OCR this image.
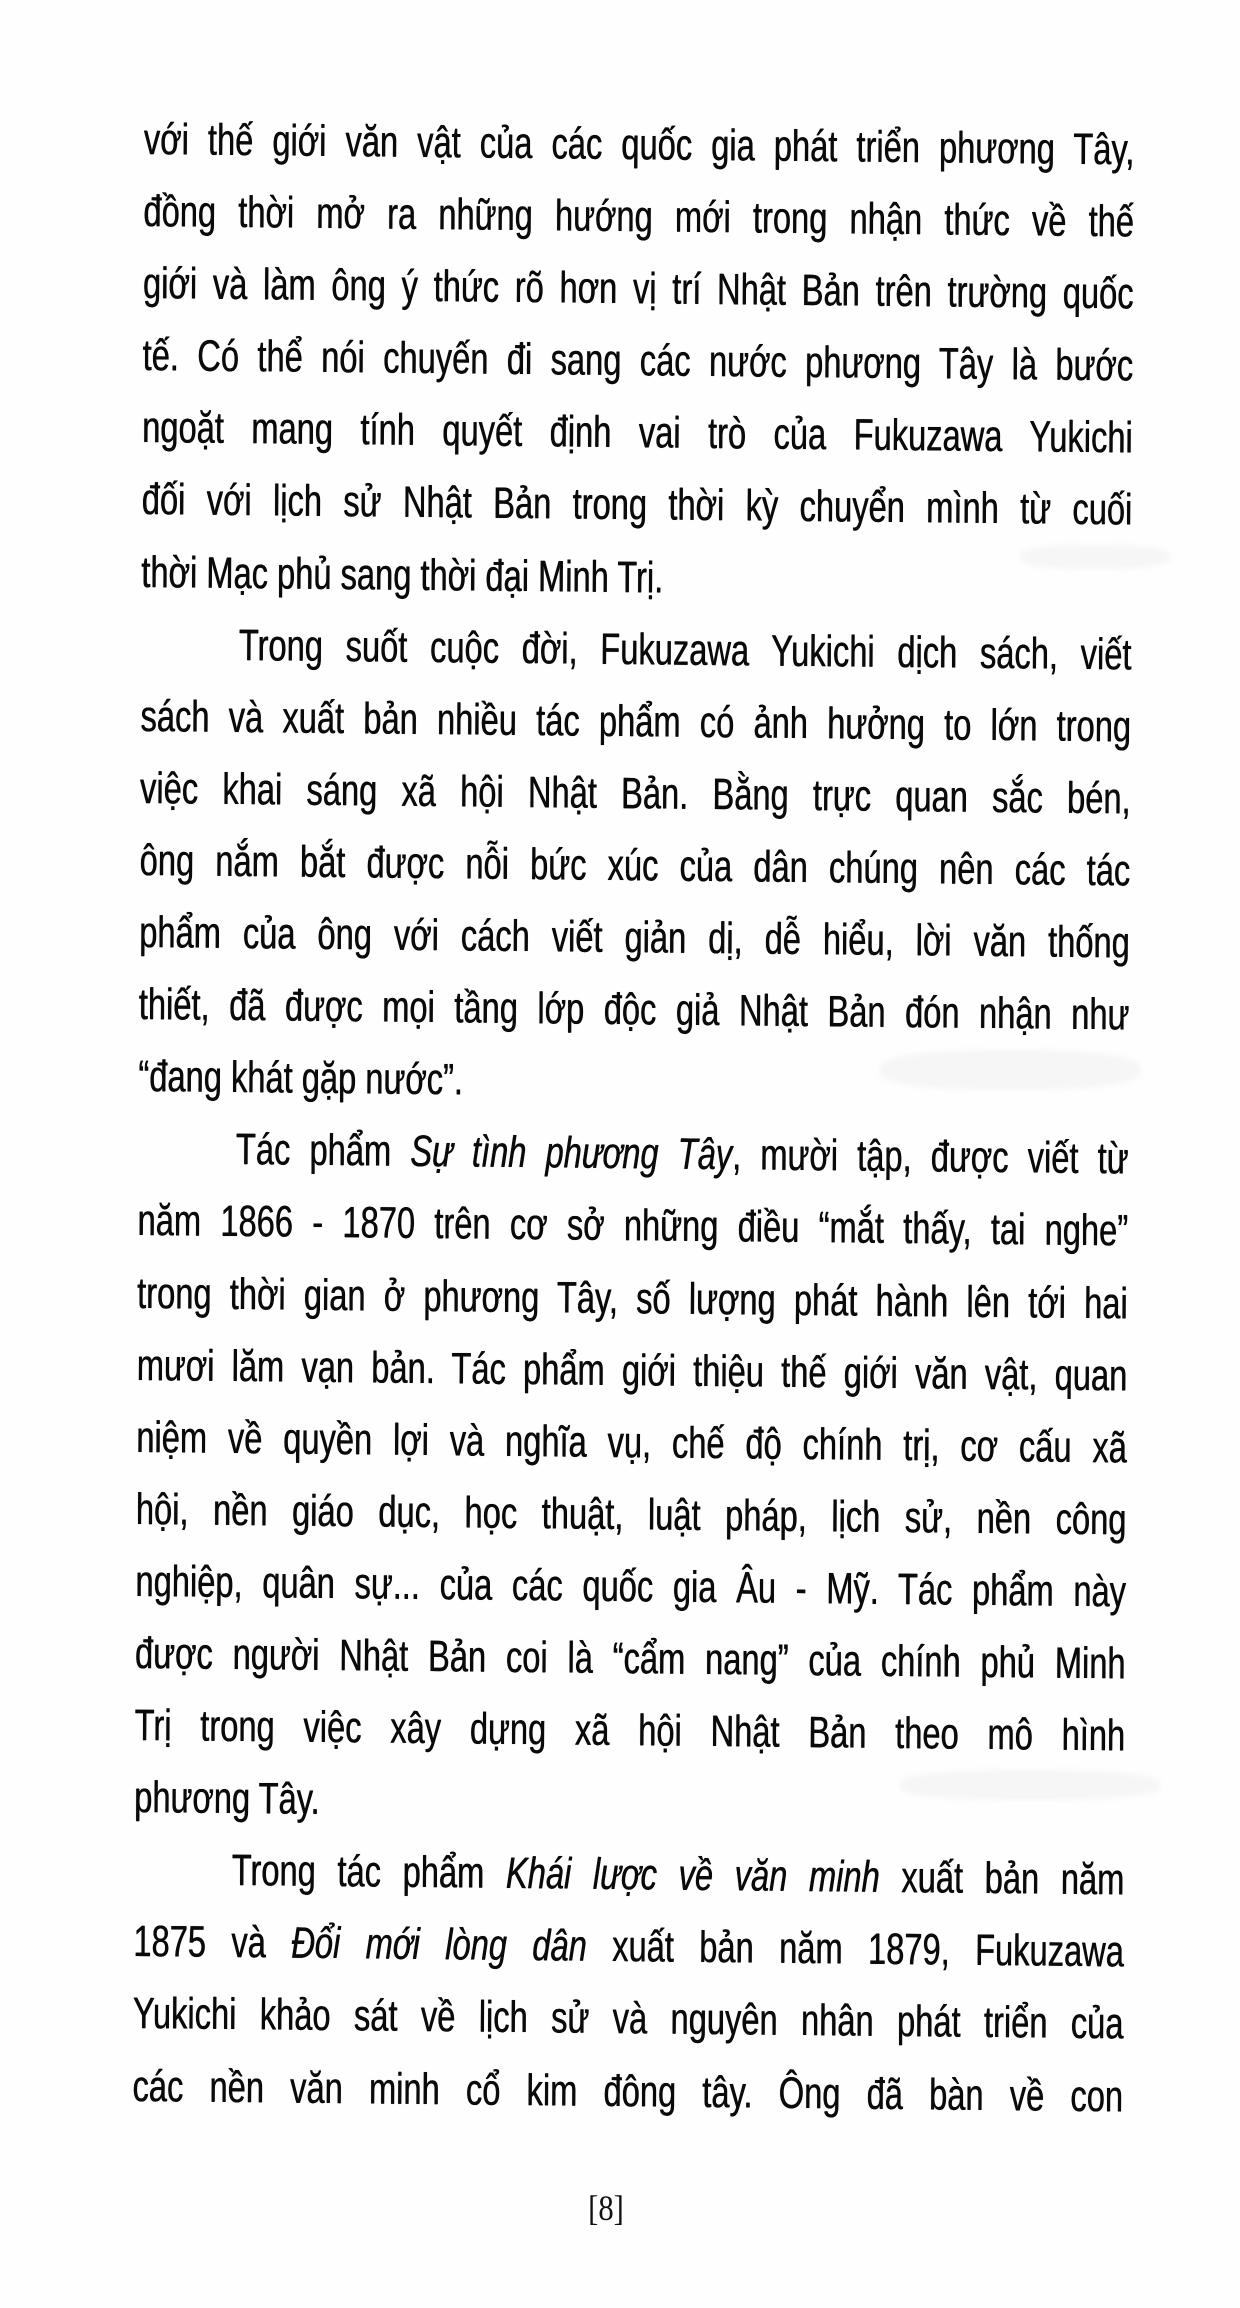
với thế giới văn vật của các quốc gia phát triển phương Tây,
đồng thời mở ra những hướng mới trong nhận thức về thế
giới và làm ông ý thức rõ hơn vị trí Nhật Bản trên trường quốc
tế. Có thể nói chuyến đi sang các nước phương Tây là bước
ngoặt mang tính quyết định vai trò của Fukuzawa Yukichi
đối với lịch sử Nhật Bản trong thời kỳ chuyển mình từ cuối
thời Mạc phủ sang thời đại Minh Trị.
Trong suốt cuộc đời, Fukuzawa Yukichi dịch sách, viết
sách và xuất bản nhiều tác phẩm có ảnh hưởng to lớn trong
việc khai sáng xã hội Nhật Bản. Bằng trực quan sắc bén,
ông nắm bắt được nỗi bức xúc của dân chúng nên các tác
phẩm của ông với cách viết giản dị, dễ hiểu, lời văn thống
thiết, đã được mọi tầng lớp độc giả Nhật Bản đón nhận như
“đang khát gặp nước”.
Tác phẩm Sự tình phương Tây, mười tập, được viết từ
năm 1866 - 1870 trên cơ sở những điều “mắt thấy, tai nghe”
trong thời gian ở phương Tây, số lượng phát hành lên tới hai
mươi lăm vạn bản. Tác phẩm giới thiệu thế giới văn vật, quan
niệm về quyền lợi và nghĩa vụ, chế độ chính trị, cơ cấu xã
hội, nền giáo dục, học thuật, luật pháp, lịch sử, nền công
nghiệp, quân sự... của các quốc gia Âu - Mỹ. Tác phẩm này
được người Nhật Bản coi là “cẩm nang” của chính phủ Minh
Trị trong việc xây dựng xã hội Nhật Bản theo mô hình
phương Tây.
Trong tác phẩm Khái lược về văn minh xuất bản năm
1875 và Đổi mới lòng dân xuất bản năm 1879, Fukuzawa
Yukichi khảo sát về lịch sử và nguyên nhân phát triển của
các nền văn minh cổ kim đông tây. Ông đã bàn về con
[8]
